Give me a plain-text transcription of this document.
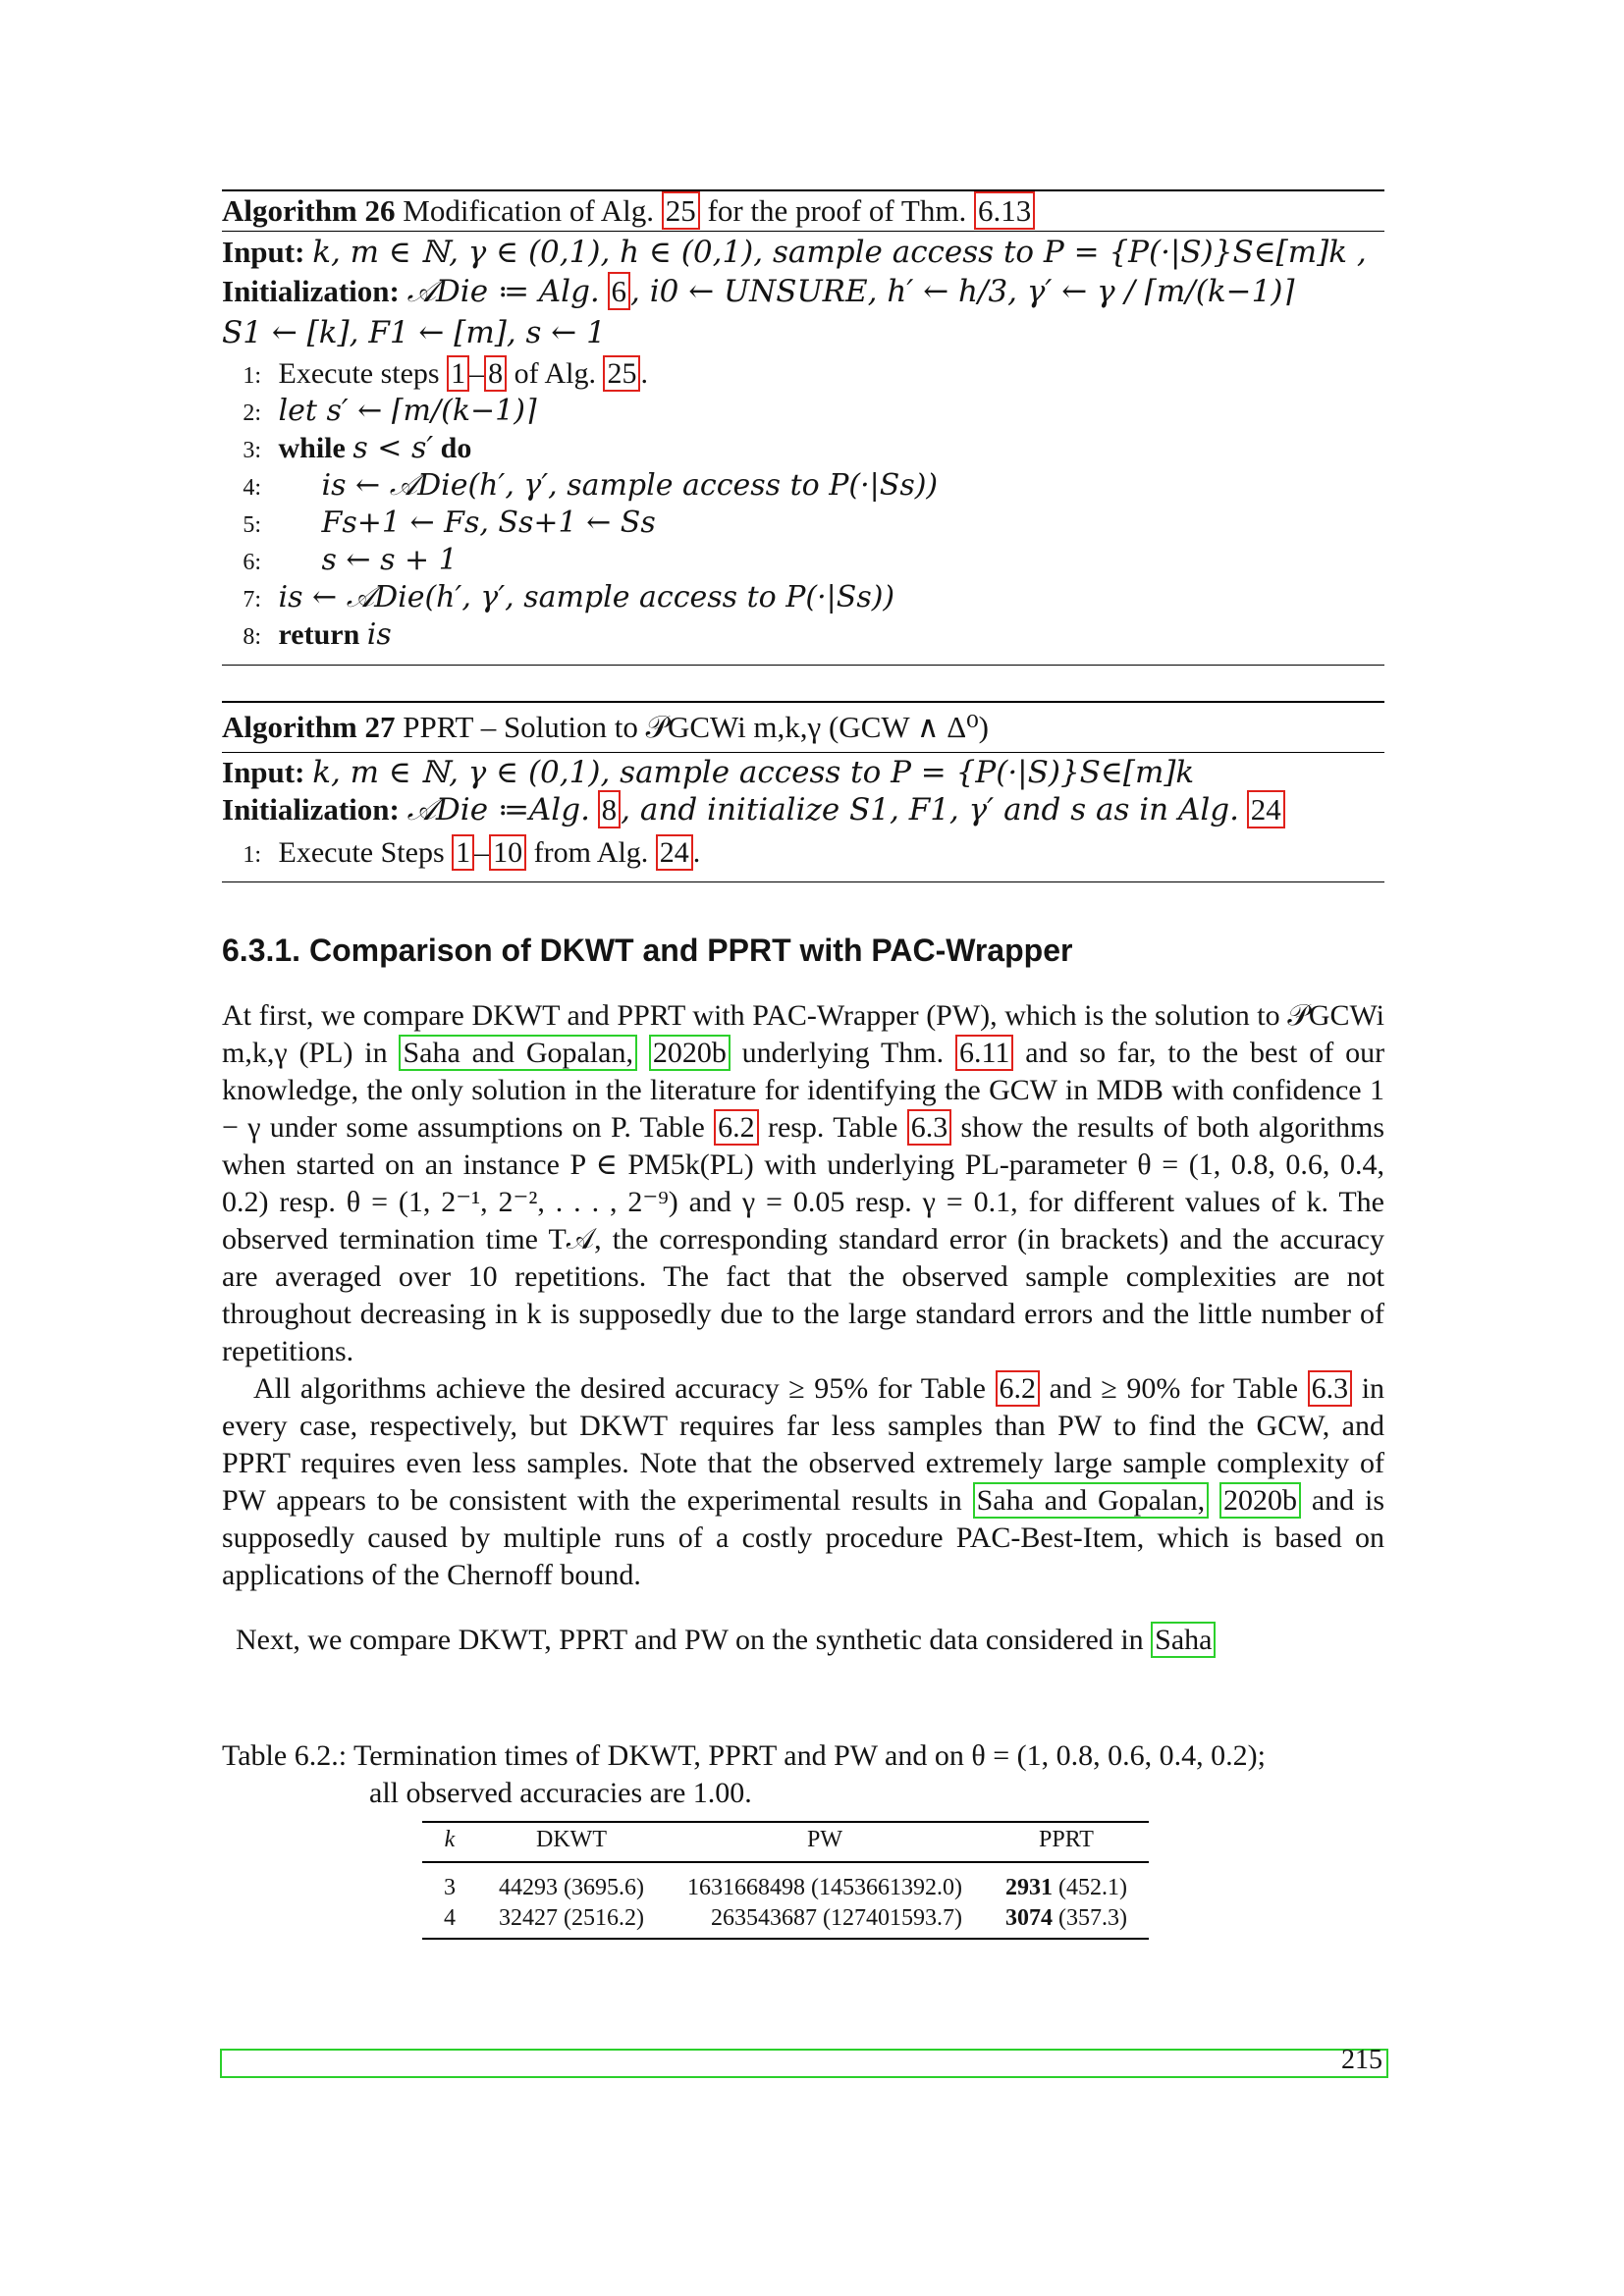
Algorithm 26 Modification of Alg. 25 for the proof of Thm. 6.13
Input: k, m ∈ ℕ, γ ∈ (0,1), h ∈ (0,1), sample access to P = {P(·|S)}S∈[m]k ,
Initialization: 𝒜Die ≔ Alg. 6 , i0 ← UNSURE, h′ ← h/3, γ′ ← γ / ⌈m/(k−1)⌉
S1 ← [k], F1 ← [m], s ← 1
1: Execute steps 1 – 8 of Alg. 25 .
2: let s′ ← ⌈m/(k−1)⌉
3: while s < s′ do
4: is ← 𝒜Die(h′, γ′, sample access to P(·|Ss))
5: Fs+1 ← Fs, Ss+1 ← Ss
6: s ← s + 1
7: is ← 𝒜Die(h′, γ′, sample access to P(·|Ss))
8: return is
Algorithm 27 PPRT – Solution to 𝒫GCWi m,k,γ (GCW ∧ Δ⁰)
Input: k, m ∈ ℕ, γ ∈ (0,1), sample access to P = {P(·|S)}S∈[m]k
Initialization: 𝒜Die ≔Alg. 8 , and initialize S1, F1, γ′ and s as in Alg. 24
1: Execute Steps 1 – 10 from Alg. 24 .
6.3.1. Comparison of DKWT and PPRT with PAC-Wrapper

At first, we compare DKWT and PPRT with PAC-Wrapper (PW), which is the solution to 𝒫GCWi m,k,γ (PL) in Saha and Gopalan, 2020b underlying Thm. 6.11 and so far, to the best of our knowledge, the only solution in the literature for identifying the GCW in MDB with confidence 1 − γ under some assumptions on P. Table 6.2 resp. Table 6.3 show the results of both algorithms when started on an instance P ∈ PM5k(PL) with underlying PL-parameter θ = (1, 0.8, 0.6, 0.4, 0.2) resp. θ = (1, 2⁻¹, 2⁻², . . . , 2⁻⁹) and γ = 0.05 resp. γ = 0.1, for different values of k. The observed termination time T𝒜, the corresponding standard error (in brackets) and the accuracy are averaged over 10 repetitions. The fact that the observed sample complexities are not throughout decreasing in k is supposedly due to the large standard errors and the little number of repetitions.

All algorithms achieve the desired accuracy ≥ 95% for Table 6.2 and ≥ 90% for Table 6.3 in every case, respectively, but DKWT requires far less samples than PW to find the GCW, and PPRT requires even less samples. Note that the observed extremely large sample complexity of PW appears to be consistent with the experimental results in Saha and Gopalan, 2020b and is supposedly caused by multiple runs of a costly procedure PAC-Best-Item, which is based on applications of the Chernoff bound.

Next, we compare DKWT, PPRT and PW on the synthetic data considered in Saha

Table 6.2.: Termination times of DKWT, PPRT and PW and on θ = (1, 0.8, 0.6, 0.4, 0.2);
all observed accuracies are 1.00.
k	DKWT	PW	PPRT
3	44293 (3695.6)	1631668498 (1453661392.0)	2931 (452.1)
4	32427 (2516.2)	263543687 (127401593.7)	3074 (357.3)
215
